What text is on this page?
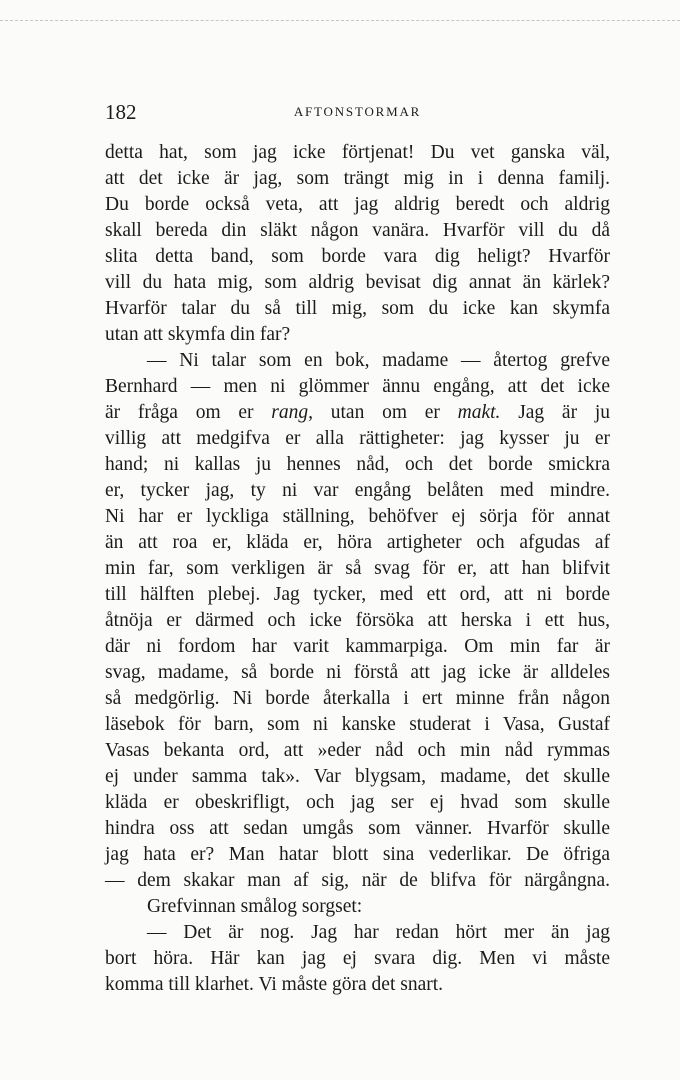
182	AFTONSTORMAR
detta hat, som jag icke förtjenat! Du vet ganska väl,
att det icke är jag, som trängt mig in i denna familj.
Du borde också veta, att jag aldrig beredt och aldrig
skall bereda din släkt någon vanära. Hvarför vill du då
slita detta band, som borde vara dig heligt? Hvarför
vill du hata mig, som aldrig bevisat dig annat än kärlek?
Hvarför talar du så till mig, som du icke kan skymfa
utan att skymfa din far?
— Ni talar som en bok, madame — återtog grefve
Bernhard — men ni glömmer ännu engång, att det icke
är fråga om er rang, utan om er makt. Jag är ju
villig att medgifva er alla rättigheter: jag kysser ju er
hand; ni kallas ju hennes nåd, och det borde smickra
er, tycker jag, ty ni var engång belåten med mindre.
Ni har er lyckliga ställning, behöfver ej sörja för annat
än att roa er, kläda er, höra artigheter och afgudas af
min far, som verkligen är så svag för er, att han blifvit
till hälften plebej. Jag tycker, med ett ord, att ni borde
åtnöja er därmed och icke försöka att herska i ett hus,
där ni fordom har varit kammarpiga. Om min far är
svag, madame, så borde ni förstå att jag icke är alldeles
så medgörlig. Ni borde återkalla i ert minne från någon
läsebok för barn, som ni kanske studerat i Vasa, Gustaf
Vasas bekanta ord, att »eder nåd och min nåd rymmas
ej under samma tak». Var blygsam, madame, det skulle
kläda er obeskrifligt, och jag ser ej hvad som skulle
hindra oss att sedan umgås som vänner. Hvarför skulle
jag hata er? Man hatar blott sina vederlikar. De öfriga
— dem skakar man af sig, när de blifva för närgångna.
Grefvinnan smålog sorgset:
— Det är nog. Jag har redan hört mer än jag
bort höra. Här kan jag ej svara dig. Men vi måste
komma till klarhet. Vi måste göra det snart.
